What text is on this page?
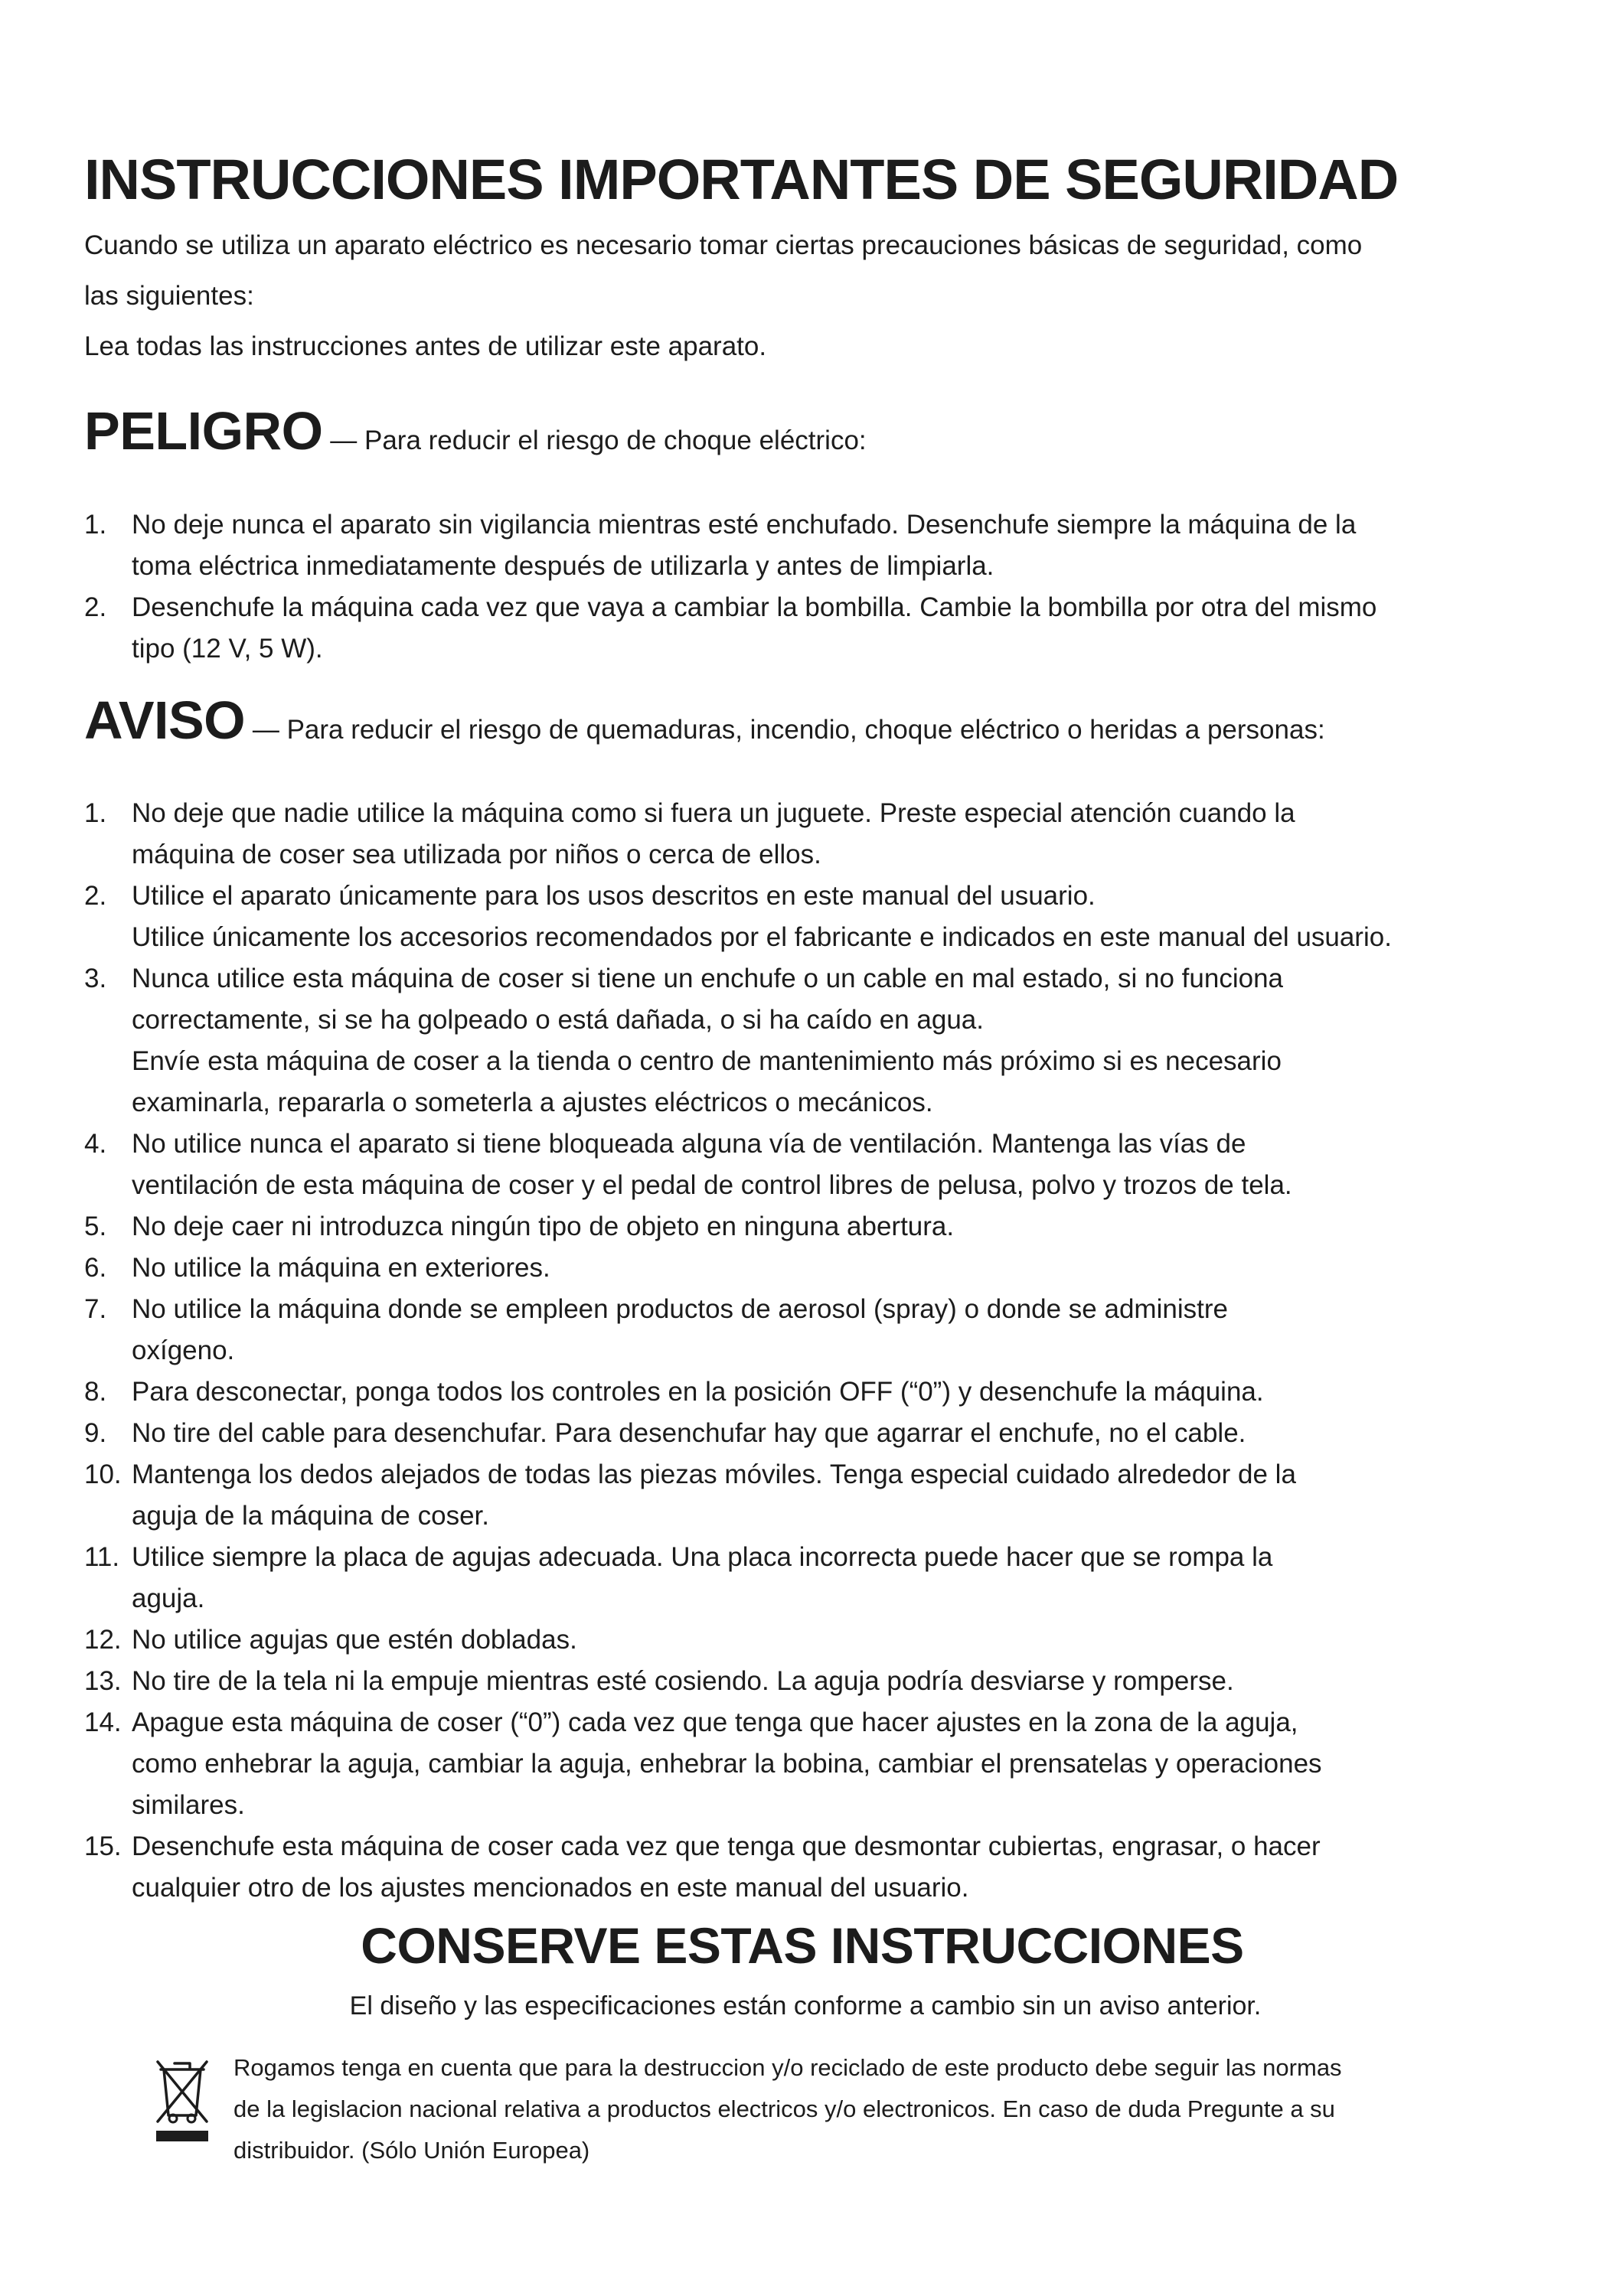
INSTRUCCIONES IMPORTANTES DE SEGURIDAD

Cuando se utiliza un aparato eléctrico es necesario tomar ciertas precauciones básicas de seguridad, como

las siguientes:

Lea todas las instrucciones antes de utilizar este aparato.

PELIGRO — Para reducir el riesgo de choque eléctrico:
1. No deje nunca el aparato sin vigilancia mientras esté enchufado. Desenchufe siempre la máquina de la
toma eléctrica inmediatamente después de utilizarla y antes de limpiarla.
2. Desenchufe la máquina cada vez que vaya a cambiar la bombilla. Cambie la bombilla por otra del mismo
tipo (12 V, 5 W).
AVISO — Para reducir el riesgo de quemaduras, incendio, choque eléctrico o heridas a personas:
1. No deje que nadie utilice la máquina como si fuera un juguete. Preste especial atención cuando la
máquina de coser sea utilizada por niños o cerca de ellos.
2. Utilice el aparato únicamente para los usos descritos en este manual del usuario.
Utilice únicamente los accesorios recomendados por el fabricante e indicados en este manual del usuario.
3. Nunca utilice esta máquina de coser si tiene un enchufe o un cable en mal estado, si no funciona
correctamente, si se ha golpeado o está dañada, o si ha caído en agua.
Envíe esta máquina de coser a la tienda o centro de mantenimiento más próximo si es necesario
examinarla, repararla o someterla a ajustes eléctricos o mecánicos.
4. No utilice nunca el aparato si tiene bloqueada alguna vía de ventilación. Mantenga las vías de
ventilación de esta máquina de coser y el pedal de control libres de pelusa, polvo y trozos de tela.
5. No deje caer ni introduzca ningún tipo de objeto en ninguna abertura.
6. No utilice la máquina en exteriores.
7. No utilice la máquina donde se empleen productos de aerosol (spray) o donde se administre
oxígeno.
8. Para desconectar, ponga todos los controles en la posición OFF (“0”) y desenchufe la máquina.
9. No tire del cable para desenchufar. Para desenchufar hay que agarrar el enchufe, no el cable.
10. Mantenga los dedos alejados de todas las piezas móviles. Tenga especial cuidado alrededor de la
aguja de la máquina de coser.
11. Utilice siempre la placa de agujas adecuada. Una placa incorrecta puede hacer que se rompa la
aguja.
12. No utilice agujas que estén dobladas.
13. No tire de la tela ni la empuje mientras esté cosiendo. La aguja podría desviarse y romperse.
14. Apague esta máquina de coser (“0”) cada vez que tenga que hacer ajustes en la zona de la aguja,
como enhebrar la aguja, cambiar la aguja, enhebrar la bobina, cambiar el prensatelas y operaciones
similares.
15. Desenchufe esta máquina de coser cada vez que tenga que desmontar cubiertas, engrasar, o hacer
cualquier otro de los ajustes mencionados en este manual del usuario.
CONSERVE ESTAS INSTRUCCIONES
El diseño y las especificaciones están conforme a cambio sin un aviso anterior.

Rogamos tenga en cuenta que para la destruccion y/o reciclado de este producto debe seguir las normas

de la legislacion nacional relativa a productos electricos y/o electronicos. En caso de duda Pregunte a su

distribuidor. (Sólo Unión Europea)
